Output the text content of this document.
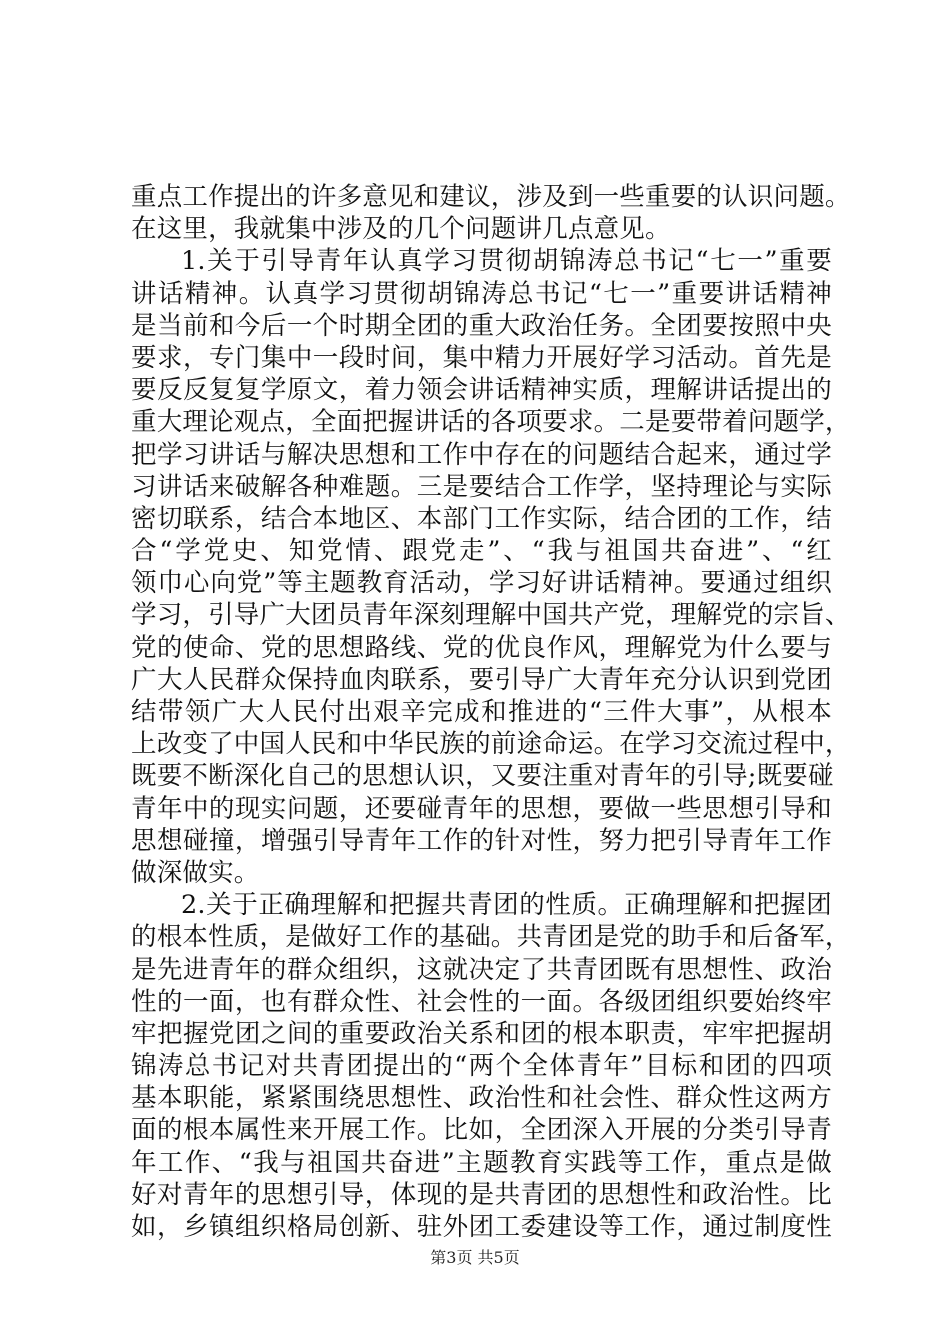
重点工作提出的许多意见和建议，涉及到一些重要的认识问题。
在这里，我就集中涉及的几个问题讲几点意见。
1.关于引导青年认真学习贯彻胡锦涛总书记“七一”重要
讲话精神。认真学习贯彻胡锦涛总书记“七一”重要讲话精神
是当前和今后一个时期全团的重大政治任务。全团要按照中央
要求，专门集中一段时间，集中精力开展好学习活动。首先是
要反反复复学原文，着力领会讲话精神实质，理解讲话提出的
重大理论观点，全面把握讲话的各项要求。二是要带着问题学，
把学习讲话与解决思想和工作中存在的问题结合起来，通过学
习讲话来破解各种难题。三是要结合工作学，坚持理论与实际
密切联系，结合本地区、本部门工作实际，结合团的工作，结
合“学党史、知党情、跟党走”、“我与祖国共奋进”、“红
领巾心向党”等主题教育活动，学习好讲话精神。要通过组织
学习，引导广大团员青年深刻理解中国共产党，理解党的宗旨、
党的使命、党的思想路线、党的优良作风，理解党为什么要与
广大人民群众保持血肉联系，要引导广大青年充分认识到党团
结带领广大人民付出艰辛完成和推进的“三件大事”，从根本
上改变了中国人民和中华民族的前途命运。在学习交流过程中，
既要不断深化自己的思想认识，又要注重对青年的引导;既要碰
青年中的现实问题，还要碰青年的思想，要做一些思想引导和
思想碰撞，增强引导青年工作的针对性，努力把引导青年工作
做深做实。
2.关于正确理解和把握共青团的性质。正确理解和把握团
的根本性质，是做好工作的基础。共青团是党的助手和后备军，
是先进青年的群众组织，这就决定了共青团既有思想性、政治
性的一面，也有群众性、社会性的一面。各级团组织要始终牢
牢把握党团之间的重要政治关系和团的根本职责，牢牢把握胡
锦涛总书记对共青团提出的“两个全体青年”目标和团的四项
基本职能，紧紧围绕思想性、政治性和社会性、群众性这两方
面的根本属性来开展工作。比如，全团深入开展的分类引导青
年工作、“我与祖国共奋进”主题教育实践等工作，重点是做
好对青年的思想引导，体现的是共青团的思想性和政治性。比
如，乡镇组织格局创新、驻外团工委建设等工作，通过制度性
第3页 共5页
